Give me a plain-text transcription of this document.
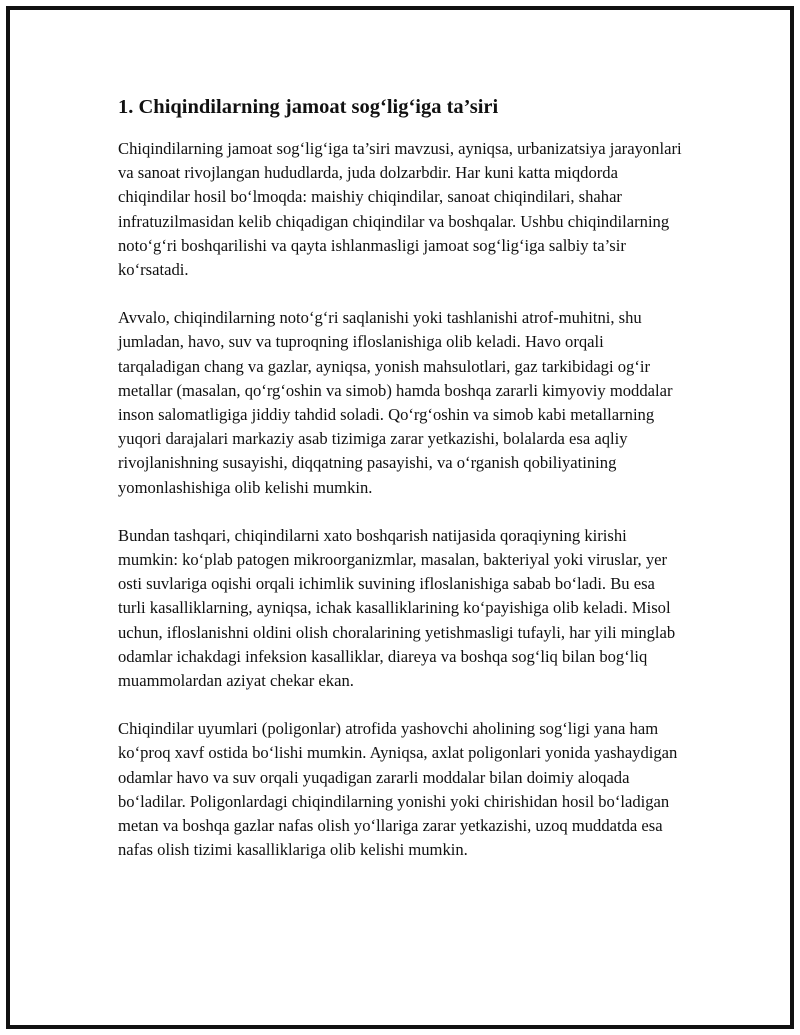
1. Chiqindilarning jamoat sog‘lig‘iga ta’siri

Chiqindilarning jamoat sog‘lig‘iga ta’siri mavzusi, ayniqsa, urbanizatsiya jarayonlari va sanoat rivojlangan hududlarda, juda dolzarbdir. Har kuni katta miqdorda chiqindilar hosil bo‘lmoqda: maishiy chiqindilar, sanoat chiqindilari, shahar infratuzilmasidan kelib chiqadigan chiqindilar va boshqalar. Ushbu chiqindilarning noto‘g‘ri boshqarilishi va qayta ishlanmasligi jamoat sog‘lig‘iga salbiy ta’sir ko‘rsatadi.

Avvalo, chiqindilarning noto‘g‘ri saqlanishi yoki tashlanishi atrof-muhitni, shu jumladan, havo, suv va tuproqning ifloslanishiga olib keladi. Havo orqali tarqaladigan chang va gazlar, ayniqsa, yonish mahsulotlari, gaz tarkibidagi og‘ir metallar (masalan, qo‘rg‘oshin va simob) hamda boshqa zararli kimyoviy moddalar inson salomatligiga jiddiy tahdid soladi. Qo‘rg‘oshin va simob kabi metallarning yuqori darajalari markaziy asab tizimiga zarar yetkazishi, bolalarda esa aqliy rivojlanishning susayishi, diqqatning pasayishi, va o‘rganish qobiliyatining yomonlashishiga olib kelishi mumkin.

Bundan tashqari, chiqindilarni xato boshqarish natijasida qoraqiyning kirishi mumkin: ko‘plab patogen mikroorganizmlar, masalan, bakteriyal yoki viruslar, yer osti suvlariga oqishi orqali ichimlik suvining ifloslanishiga sabab bo‘ladi. Bu esa turli kasalliklarning, ayniqsa, ichak kasalliklarining ko‘payishiga olib keladi. Misol uchun, ifloslanishni oldini olish choralarining yetishmasligi tufayli, har yili minglab odamlar ichakdagi infeksion kasalliklar, diareya va boshqa sog‘liq bilan bog‘liq muammolardan aziyat chekar ekan.

Chiqindilar uyumlari (poligonlar) atrofida yashovchi aholining sog‘ligi yana ham ko‘proq xavf ostida bo‘lishi mumkin. Ayniqsa, axlat poligonlari yonida yashaydigan odamlar havo va suv orqali yuqadigan zararli moddalar bilan doimiy aloqada bo‘ladilar. Poligonlardagi chiqindilarning yonishi yoki chirishidan hosil bo‘ladigan metan va boshqa gazlar nafas olish yo‘llariga zarar yetkazishi, uzoq muddatda esa nafas olish tizimi kasalliklariga olib kelishi mumkin.
